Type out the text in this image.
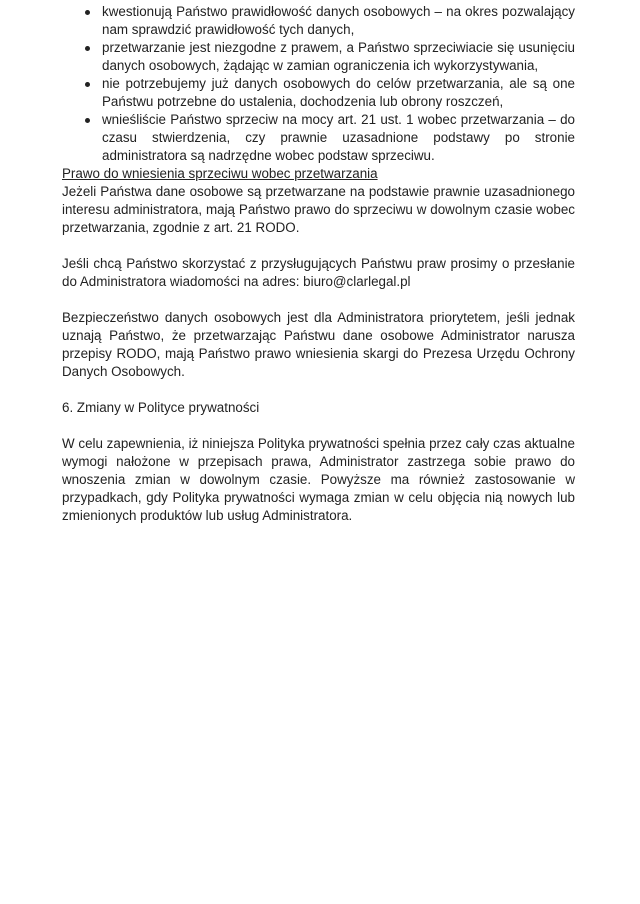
kwestionują Państwo prawidłowość danych osobowych – na okres pozwalający nam sprawdzić prawidłowość tych danych,
przetwarzanie jest niezgodne z prawem, a Państwo sprzeciwiacie się usunięciu danych osobowych, żądając w zamian ograniczenia ich wykorzystywania,
nie potrzebujemy już danych osobowych do celów przetwarzania, ale są one Państwu potrzebne do ustalenia, dochodzenia lub obrony roszczeń,
wnieśliście Państwo sprzeciw na mocy art. 21 ust. 1 wobec przetwarzania – do czasu stwierdzenia, czy prawnie uzasadnione podstawy po stronie administratora są nadrzędne wobec podstaw sprzeciwu.
Prawo do wniesienia sprzeciwu wobec przetwarzania

Jeżeli Państwa dane osobowe są przetwarzane na podstawie prawnie uzasadnionego interesu administratora, mają Państwo prawo do sprzeciwu w dowolnym czasie wobec przetwarzania, zgodnie z art. 21 RODO.

Jeśli chcą Państwo skorzystać z przysługujących Państwu praw prosimy o przesłanie do Administratora wiadomości na adres: biuro@clarlegal.pl

Bezpieczeństwo danych osobowych jest dla Administratora priorytetem, jeśli jednak uznają Państwo, że przetwarzając Państwu dane osobowe Administrator narusza przepisy RODO, mają Państwo prawo wniesienia skargi do Prezesa Urzędu Ochrony Danych Osobowych.

6. Zmiany w Polityce prywatności

W celu zapewnienia, iż niniejsza Polityka prywatności spełnia przez cały czas aktualne wymogi nałożone w przepisach prawa, Administrator zastrzega sobie prawo do wnoszenia zmian w dowolnym czasie. Powyższe ma również zastosowanie w przypadkach, gdy Polityka prywatności wymaga zmian w celu objęcia nią nowych lub zmienionych produktów lub usług Administratora.
